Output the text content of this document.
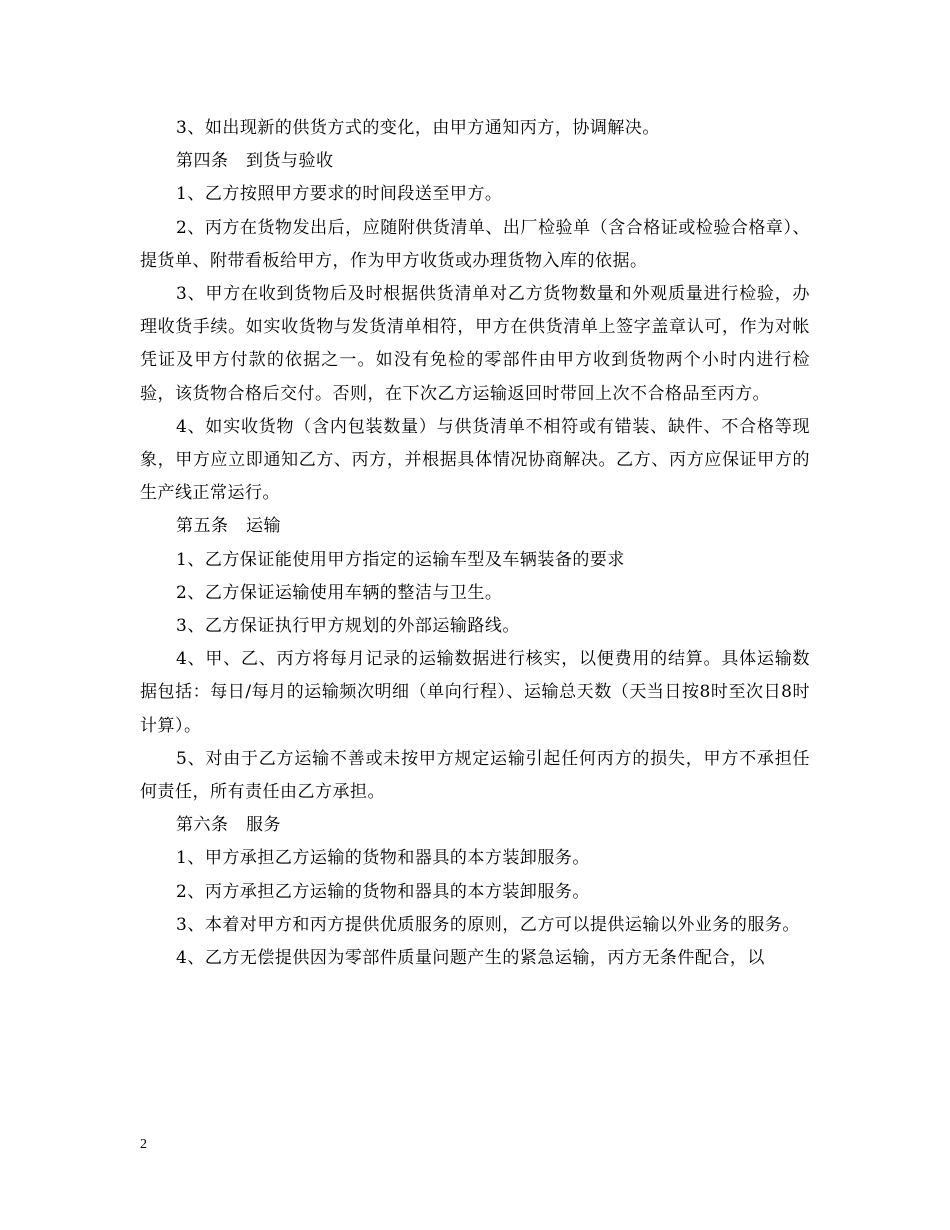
3、如出现新的供货方式的变化，由甲方通知丙方，协调解决。

第四条　到货与验收

1、乙方按照甲方要求的时间段送至甲方。

2、丙方在货物发出后，应随附供货清单、出厂检验单（含合格证或检验合格章）、提货单、附带看板给甲方，作为甲方收货或办理货物入库的依据。

3、甲方在收到货物后及时根据供货清单对乙方货物数量和外观质量进行检验，办理收货手续。如实收货物与发货清单相符，甲方在供货清单上签字盖章认可，作为对帐凭证及甲方付款的依据之一。如没有免检的零部件由甲方收到货物两个小时内进行检验，该货物合格后交付。否则，在下次乙方运输返回时带回上次不合格品至丙方。

4、如实收货物（含内包装数量）与供货清单不相符或有错装、缺件、不合格等现象，甲方应立即通知乙方、丙方，并根据具体情况协商解决。乙方、丙方应保证甲方的生产线正常运行。

第五条　运输

1、乙方保证能使用甲方指定的运输车型及车辆装备的要求

2、乙方保证运输使用车辆的整洁与卫生。

3、乙方保证执行甲方规划的外部运输路线。

4、甲、乙、丙方将每月记录的运输数据进行核实，以便费用的结算。具体运输数据包括：每日/每月的运输频次明细（单向行程）、运输总天数（天当日按8时至次日8时计算）。

5、对由于乙方运输不善或未按甲方规定运输引起任何丙方的损失，甲方不承担任何责任，所有责任由乙方承担。

第六条　服务

1、甲方承担乙方运输的货物和器具的本方装卸服务。

2、丙方承担乙方运输的货物和器具的本方装卸服务。

3、本着对甲方和丙方提供优质服务的原则，乙方可以提供运输以外业务的服务。

4、乙方无偿提供因为零部件质量问题产生的紧急运输，丙方无条件配合，以

2
